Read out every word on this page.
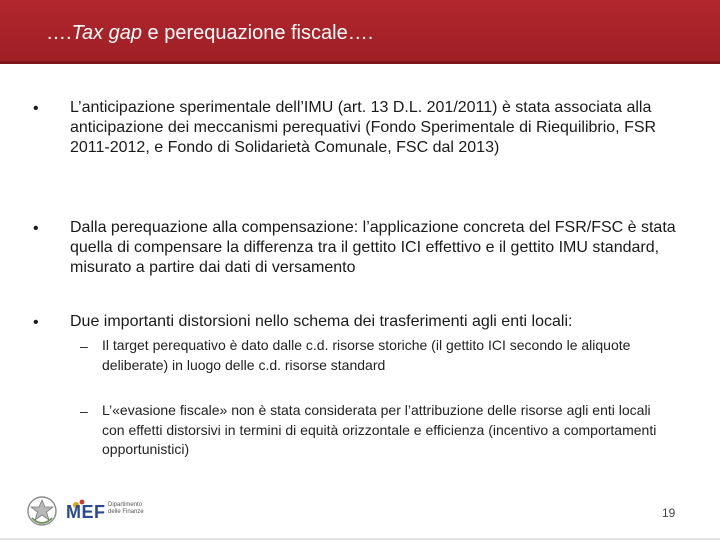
….Tax gap e perequazione fiscale….
• L’anticipazione sperimentale dell’IMU (art. 13 D.L. 201/2011) è stata associata alla anticipazione dei meccanismi perequativi (Fondo Sperimentale di Riequilibrio, FSR 2011-2012, e Fondo di Solidarietà Comunale, FSC dal 2013)
• Dalla perequazione alla compensazione: l’applicazione concreta del FSR/FSC è stata quella di compensare la differenza tra il gettito ICI effettivo e il gettito IMU standard, misurato a partire dai dati di versamento
• Due importanti distorsioni nello schema dei trasferimenti agli enti locali:
– Il target perequativo è dato dalle c.d. risorse storiche (il gettito ICI secondo le aliquote deliberate) in luogo delle c.d. risorse standard
– L’«evasione fiscale» non è stata considerata per l’attribuzione delle risorse agli enti locali con effetti distorsivi in termini di equità orizzontale e efficienza (incentivo a comportamenti opportunistici)
MEF Dipartimento delle Finanze	19
